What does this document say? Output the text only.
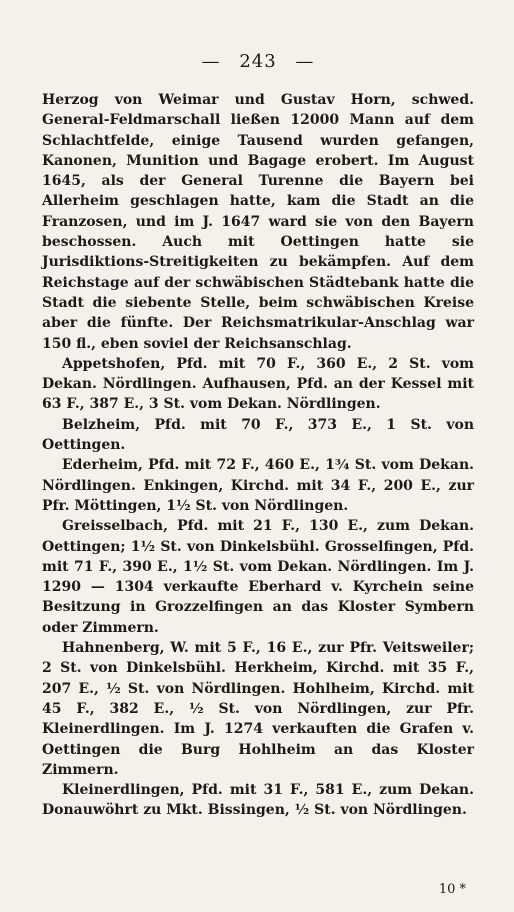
— 243 —

Herzog von Weimar und Gustav Horn, schwed. General-Feldmarschall ließen 12000 Mann auf dem Schlachtfelde, einige Tausend wurden gefangen, Kanonen, Munition und Bagage erobert. Im August 1645, als der General Turenne die Bayern bei Allerheim geschlagen hatte, kam die Stadt an die Franzosen, und im J. 1647 ward sie von den Bayern beschossen. Auch mit Oettingen hatte sie Jurisdiktions-Streitigkeiten zu bekämpfen. Auf dem Reichstage auf der schwäbischen Städtebank hatte die Stadt die siebente Stelle, beim schwäbischen Kreise aber die fünfte. Der Reichsmatrikular-Anschlag war 150 fl., eben soviel der Reichsanschlag.

Appetshofen, Pfd. mit 70 F., 360 E., 2 St. vom Dekan. Nördlingen. Aufhausen, Pfd. an der Kessel mit 63 F., 387 E., 3 St. vom Dekan. Nördlingen.

Belzheim, Pfd. mit 70 F., 373 E., 1 St. von Oettingen.

Ederheim, Pfd. mit 72 F., 460 E., 1¾ St. vom Dekan. Nördlingen. Enkingen, Kirchd. mit 34 F., 200 E., zur Pfr. Möttingen, 1½ St. von Nördlingen.

Greisselbach, Pfd. mit 21 F., 130 E., zum Dekan. Oettingen; 1½ St. von Dinkelsbühl. Grosselfingen, Pfd. mit 71 F., 390 E., 1½ St. vom Dekan. Nördlingen. Im J. 1290 — 1304 verkaufte Eberhard v. Kyrchein seine Besitzung in Grozzelfingen an das Kloster Symbern oder Zimmern.

Hahnenberg, W. mit 5 F., 16 E., zur Pfr. Veitsweiler; 2 St. von Dinkelsbühl. Herkheim, Kirchd. mit 35 F., 207 E., ½ St. von Nördlingen. Hohlheim, Kirchd. mit 45 F., 382 E., ½ St. von Nördlingen, zur Pfr. Kleinerdlingen. Im J. 1274 verkauften die Grafen v. Oettingen die Burg Hohlheim an das Kloster Zimmern.

Kleinerdlingen, Pfd. mit 31 F., 581 E., zum Dekan. Donauwöhrt zu Mkt. Bissingen, ½ St. von Nördlingen.

10 *
